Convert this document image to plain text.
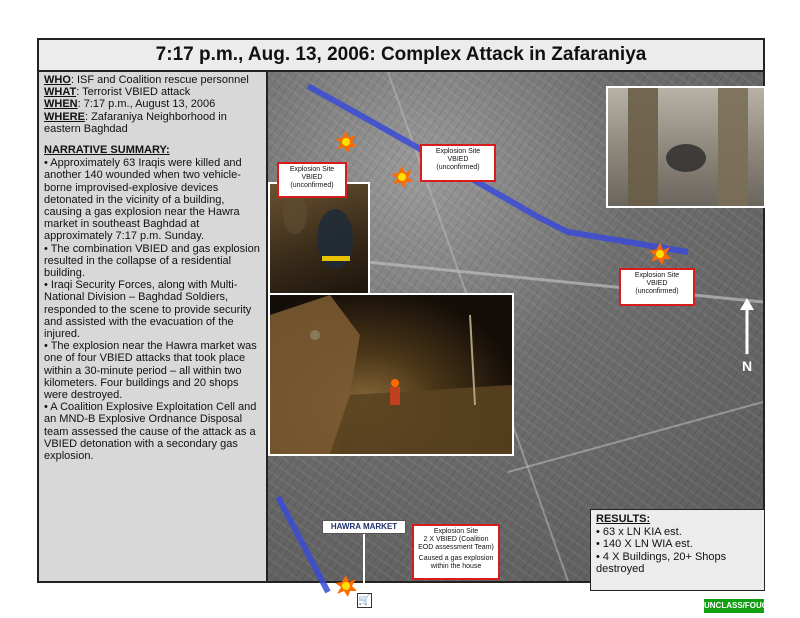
7:17 p.m., Aug. 13, 2006: Complex Attack in Zafaraniya

WHO: ISF and Coalition rescue personnel

WHAT: Terrorist VBIED attack

WHEN: 7:17 p.m., August 13, 2006

WHERE: Zafaraniya Neighborhood in eastern Baghdad

NARRATIVE SUMMARY:

• Approximately 63 Iraqis were killed and another 140 wounded when two vehicle-borne improvised-explosive devices detonated in the vicinity of a building, causing a gas explosion near the Hawra market in southeast Baghdad at approximately 7:17 p.m. Sunday.

• The combination VBIED and gas explosion resulted in the collapse of a residential building.

• Iraqi Security Forces, along with Multi-National Division – Baghdad Soldiers, responded to the scene to provide security and assisted with the evacuation of the injured.

• The explosion near the Hawra market was one of four VBIED attacks that took place within a 30-minute period – all within two kilometers. Four buildings and 20 shops were destroyed.

• A Coalition Explosive Exploitation Cell and an MND-B Explosive Ordnance Disposal team assessed the cause of the attack as a VBIED detonation with a secondary gas explosion.

Explosion Site
VBIED
(unconfirmed)
Explosion Site
VBIED
(unconfirmed)
Explosion Site
VBIED
(unconfirmed)
Explosion Site
2 X VBIED (Coalition EOD assessment Team)
Caused a gas explosion within the house
HAWRA MARKET
🛒
N

RESULTS:

• 63 x LN KIA est.

• 140 X LN WIA est.

• 4 X Buildings, 20+ Shops destroyed

UNCLASS/FOUO
